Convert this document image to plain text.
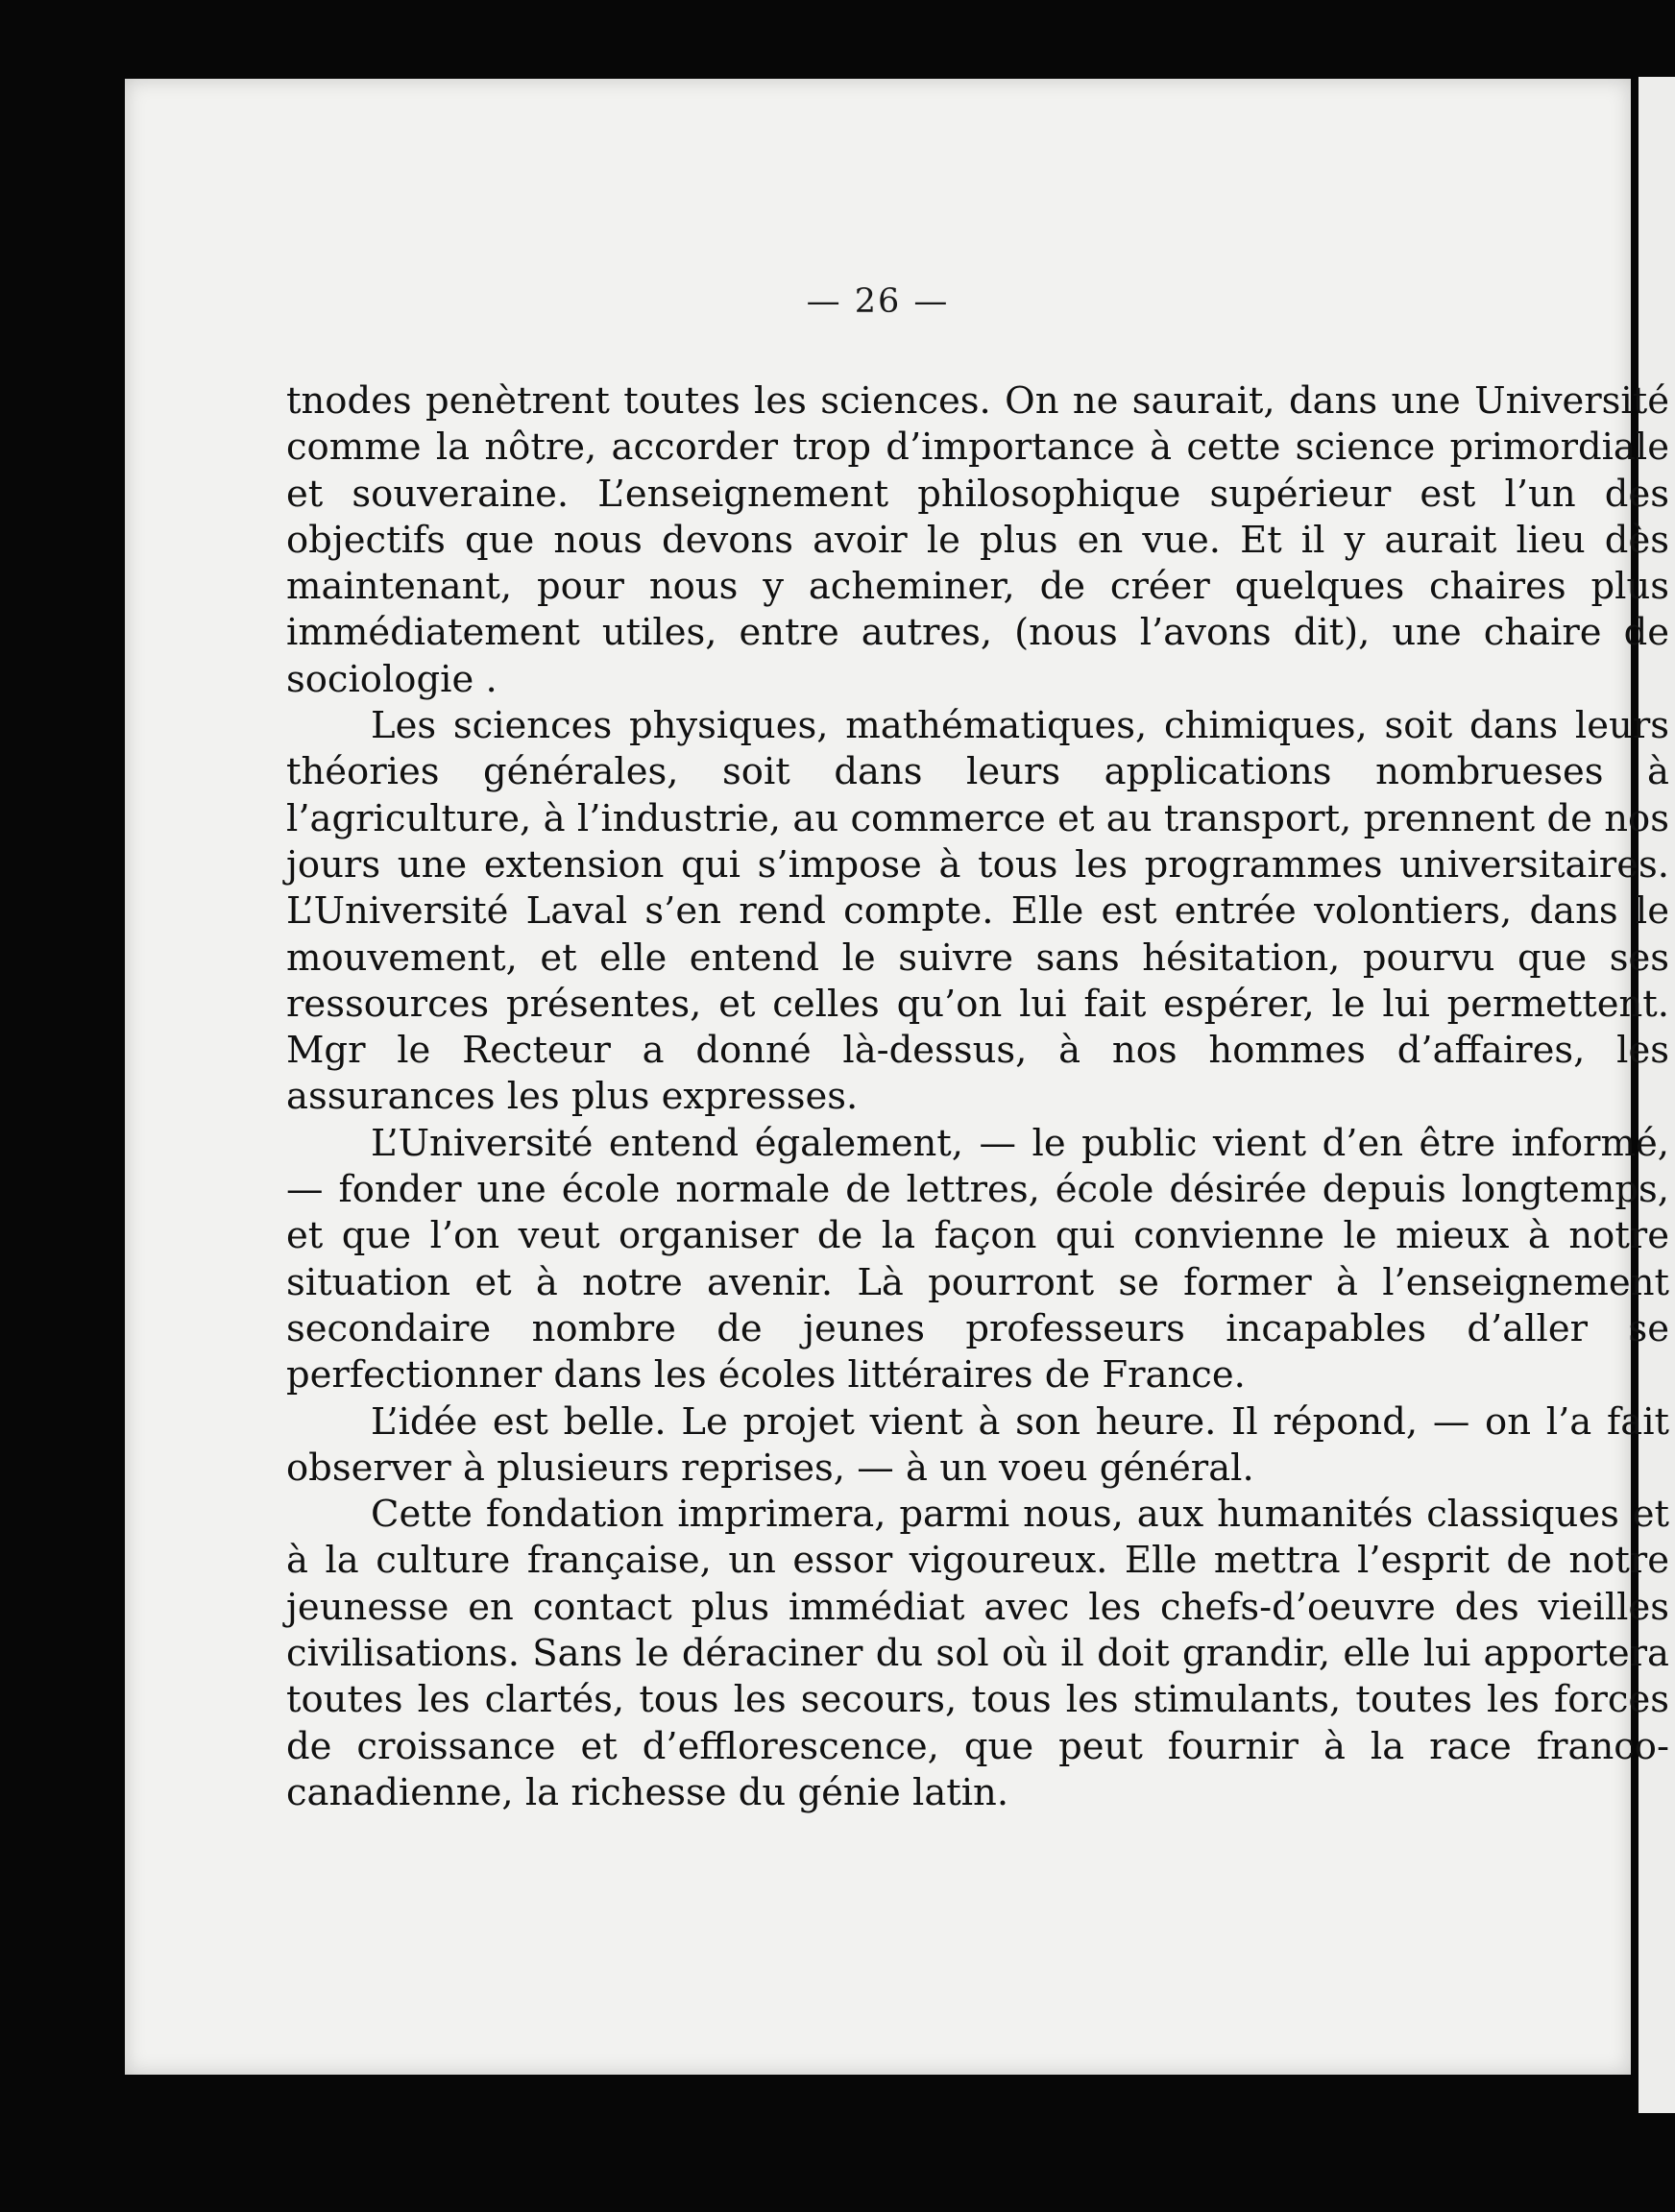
— 26 —

tnodes penètrent toutes les sciences. On ne saurait, dans une Université comme la nôtre, accorder trop d’importance à cette science primordiale et souveraine. L’enseignement philosophique supérieur est l’un des objectifs que nous devons avoir le plus en vue. Et il y aurait lieu dès maintenant, pour nous y acheminer, de créer quelques chaires plus immédiatement utiles, entre autres, (nous l’avons dit), une chaire de sociologie .

Les sciences physiques, mathématiques, chimiques, soit dans leurs théories générales, soit dans leurs applications nombrueses à l’agriculture, à l’industrie, au commerce et au transport, prennent de nos jours une extension qui s’impose à tous les programmes universitaires. L’Université Laval s’en rend compte. Elle est entrée volontiers, dans le mouvement, et elle entend le suivre sans hésitation, pourvu que ses ressources présentes, et celles qu’on lui fait espérer, le lui permettent. Mgr le Recteur a donné là-dessus, à nos hommes d’affaires, les assurances les plus expresses.

L’Université entend également, — le public vient d’en être informé, — fonder une école normale de lettres, école désirée depuis longtemps, et que l’on veut organiser de la façon qui convienne le mieux à notre situation et à notre avenir. Là pourront se former à l’enseignement secondaire nombre de jeunes professeurs incapables d’aller se perfectionner dans les écoles littéraires de France.

L’idée est belle. Le projet vient à son heure. Il répond, — on l’a fait observer à plusieurs reprises, — à un voeu général.

Cette fondation imprimera, parmi nous, aux humanités classiques et à la culture française, un essor vigoureux. Elle mettra l’esprit de notre jeunesse en contact plus immédiat avec les chefs-d’oeuvre des vieilles civilisations. Sans le déraciner du sol où il doit grandir, elle lui apportera toutes les clartés, tous les secours, tous les stimulants, toutes les forces de croissance et d’efflorescence, que peut fournir à la race franco-canadienne, la richesse du génie latin.
